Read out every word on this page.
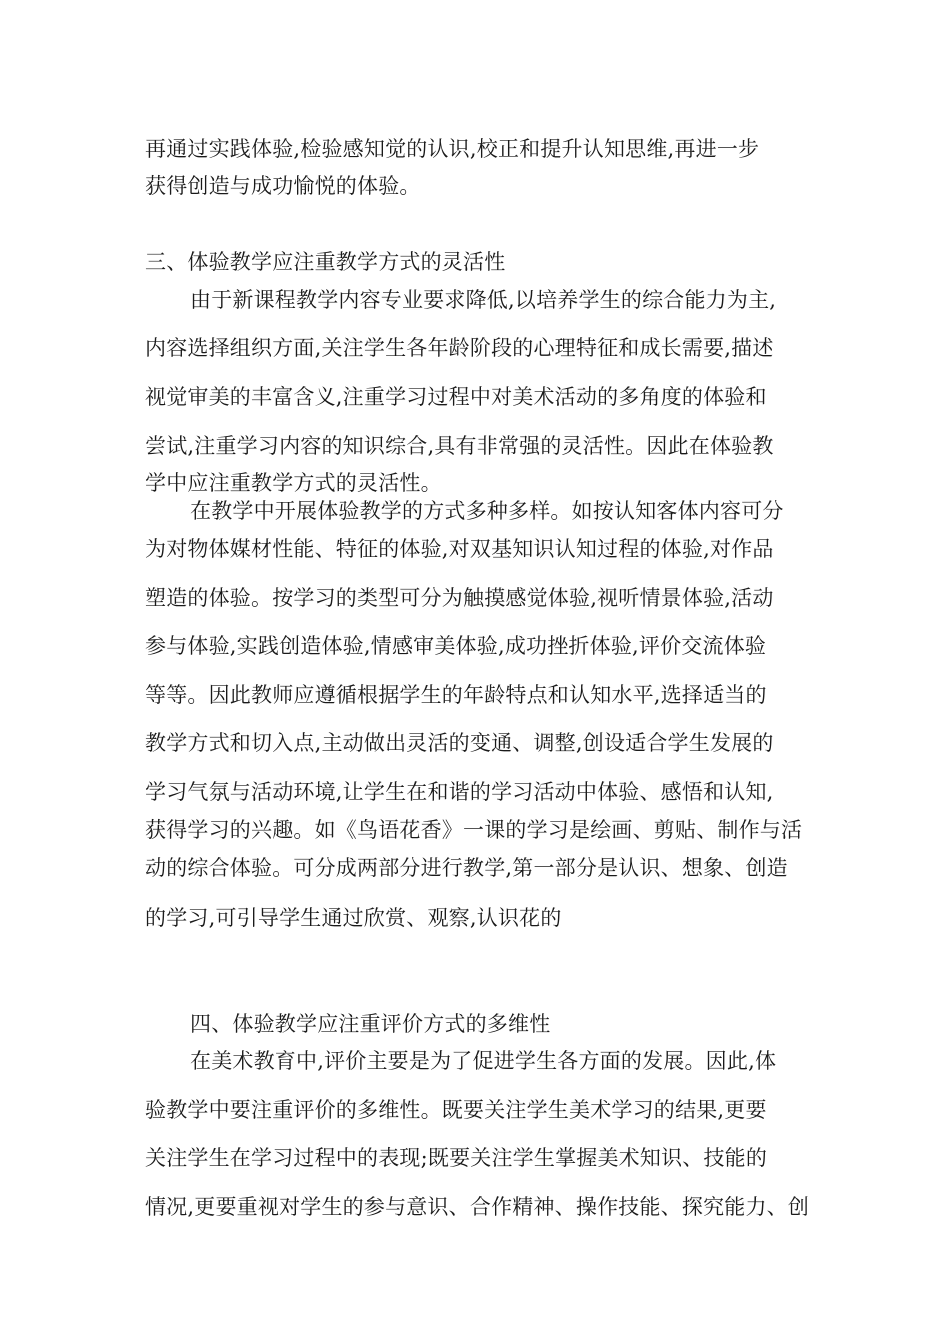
再通过实践体验,检验感知觉的认识,校正和提升认知思维,再进一步
获得创造与成功愉悦的体验。
三、体验教学应注重教学方式的灵活性
由于新课程教学内容专业要求降低,以培养学生的综合能力为主,
内容选择组织方面,关注学生各年龄阶段的心理特征和成长需要,描述
视觉审美的丰富含义,注重学习过程中对美术活动的多角度的体验和
尝试,注重学习内容的知识综合,具有非常强的灵活性。因此在体验教
学中应注重教学方式的灵活性。
在教学中开展体验教学的方式多种多样。如按认知客体内容可分
为对物体媒材性能、特征的体验,对双基知识认知过程的体验,对作品
塑造的体验。按学习的类型可分为触摸感觉体验,视听情景体验,活动
参与体验,实践创造体验,情感审美体验,成功挫折体验,评价交流体验
等等。因此教师应遵循根据学生的年龄特点和认知水平,选择适当的
教学方式和切入点,主动做出灵活的变通、调整,创设适合学生发展的
学习气氛与活动环境,让学生在和谐的学习活动中体验、感悟和认知,
获得学习的兴趣。如《鸟语花香》一课的学习是绘画、剪贴、制作与活
动的综合体验。可分成两部分进行教学,第一部分是认识、想象、创造
的学习,可引导学生通过欣赏、观察,认识花的
四、体验教学应注重评价方式的多维性
在美术教育中,评价主要是为了促进学生各方面的发展。因此,体
验教学中要注重评价的多维性。既要关注学生美术学习的结果,更要
关注学生在学习过程中的表现;既要关注学生掌握美术知识、技能的
情况,更要重视对学生的参与意识、合作精神、操作技能、探究能力、创
